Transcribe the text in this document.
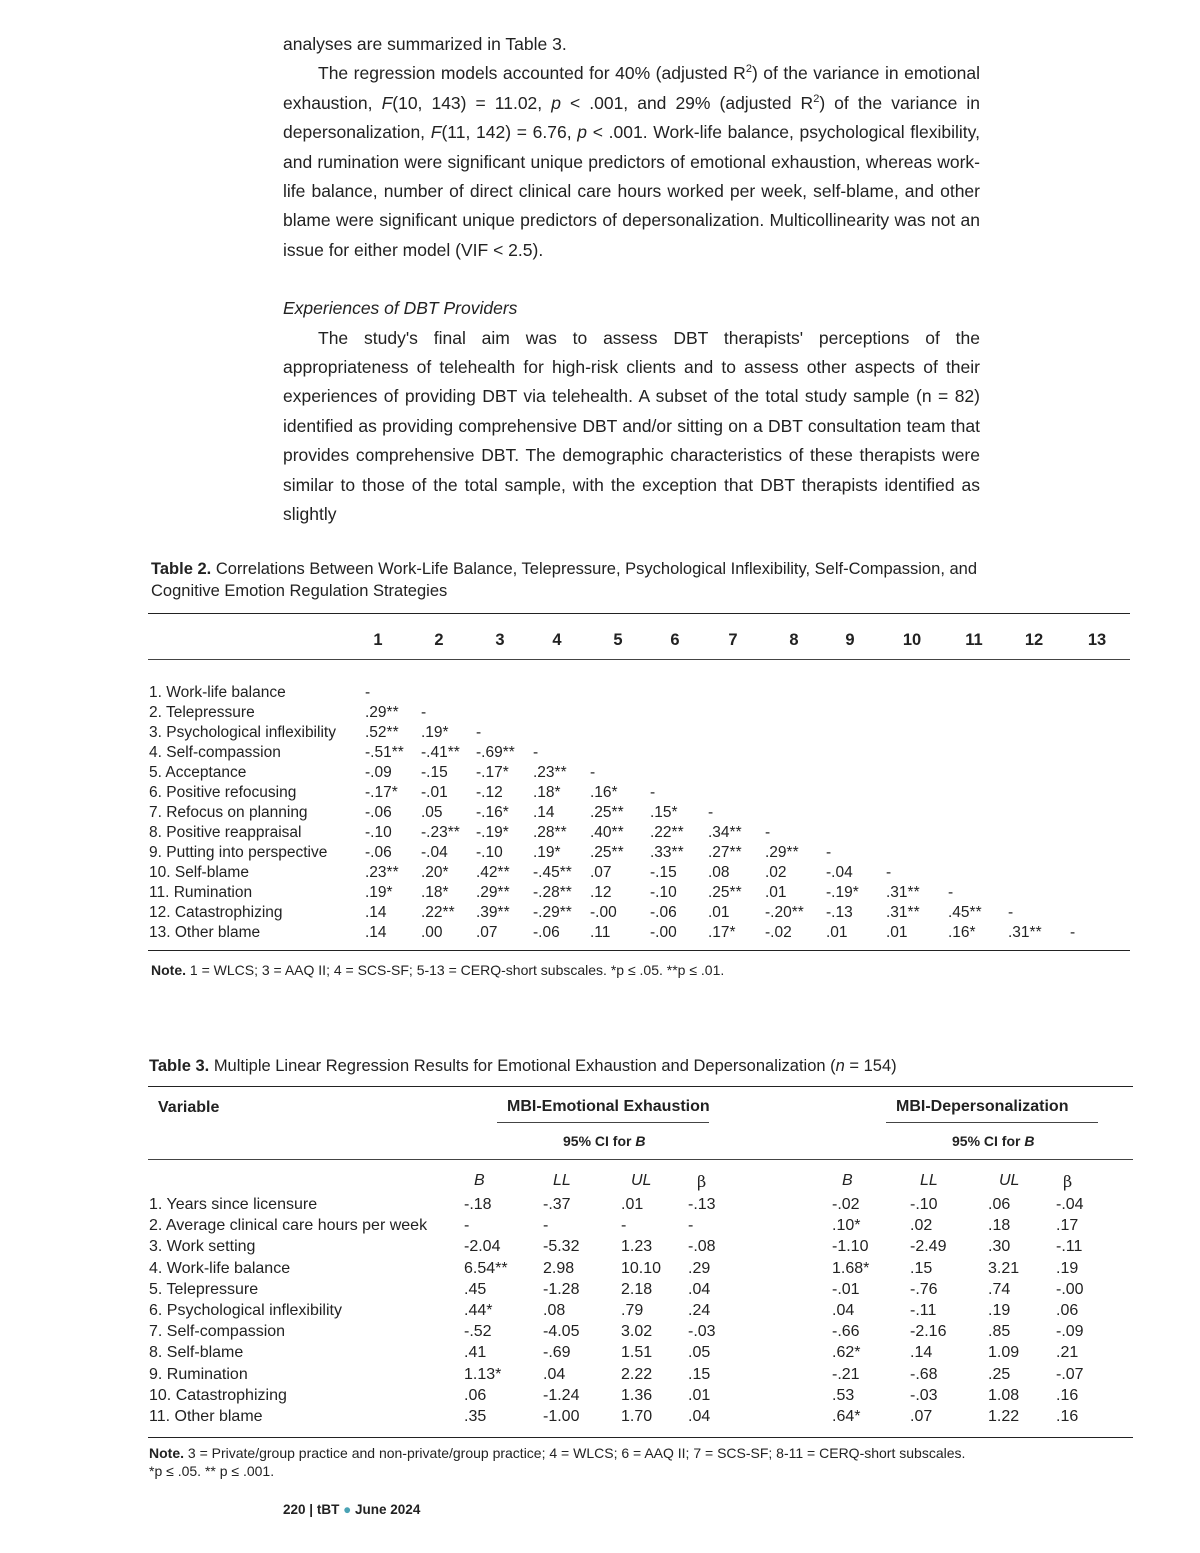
analyses are summarized in Table 3.

The regression models accounted for 40% (adjusted $R^2$) of the variance in emotional exhaustion, F(10, 143) = 11.02, p < .001, and 29% (adjusted $R^2$) of the variance in depersonalization, F(11, 142) = 6.76, p < .001. Work-life balance, psychological flexibility, and rumination were significant unique predictors of emotional exhaustion, whereas work-life balance, number of direct clinical care hours worked per week, self-blame, and other blame were significant unique predictors of depersonalization. Multicollinearity was not an issue for either model (VIF < 2.5).

Experiences of DBT Providers

The study's final aim was to assess DBT therapists' perceptions of the appropriateness of telehealth for high-risk clients and to assess other aspects of their experiences of providing DBT via telehealth. A subset of the total study sample (n = 82) identified as providing comprehensive DBT and/or sitting on a DBT consultation team that provides comprehensive DBT. The demographic characteristics of these therapists were similar to those of the total sample, with the exception that DBT therapists identified as slightly

Table 2. Correlations Between Work-Life Balance, Telepressure, Psychological Inflexibility, Self-Compassion, and Cognitive Emotion Regulation Strategies
1	2	3	4	5	6	7	8	9	10	11	12	13
1. Work-life balance	-
2. Telepressure	.29** -
3. Psychological inflexibility .52** .19* -
4. Self-compassion	-.51** -.41** -.69** -
5. Acceptance	-.09 -.15 -.17* .23** -
6. Positive refocusing	-.17* -.01 -.12 .18* .16* -
7. Refocus on planning	-.06 .05 -.16* .14 .25** .15* -
8. Positive reappraisal	-.10 -.23** -.19* .28** .40** .22** .34** -
9. Putting into perspective -.06 -.04 -.10 .19* .25** .33** .27** .29** -
10. Self-blame	.23** .20* .42** -.45** .07 -.15 .08 .02	-.04 -
11. Rumination	.19* .18* .29** -.28** .12 -.10 .25** .01	-.19* .31** -
12. Catastrophizing	.14 .22** .39** -.29** -.00 -.06 .01 -.20** -.13 .31** .45** -
13. Other blame	.14 .00 .07 -.06 .11	-.00 .17* -.02 .01 .01	.16* .31** -
Note. 1 = WLCS; 3 = AAQ II; 4 = SCS-SF; 5-13 = CERQ-short subscales. *p ≤ .05. **p ≤ .01.
Table 3. Multiple Linear Regression Results for Emotional Exhaustion and Depersonalization (n = 154)
Variable	MBI-Emotional Exhaustion	MBI-Depersonalization
95% CI for B	95% CI for B
B	LL	UL	β	B	LL	UL	β
1. Years since licensure	-.18	-.37	.01	-.13	-.02	-.10	.06	-.04
2. Average clinical care hours per week -	-	-	-	.10*	.02	.18	.17
3. Work setting	-2.04	-5.32	1.23 -.08	-1.10	-2.49	.30	-.11
4. Work-life balance	6.54** 2.98	10.10 .29	1.68*	.15	3.21 .19
5. Telepressure	.45	-1.28	2.18 .04	-.01	-.76	.74	-.00
6. Psychological inflexibility	.44*	.08	.79	.24	.04	-.11	.19	.06
7. Self-compassion	-.52	-4.05	3.02 -.03	-.66	-2.16	.85	-.09
8. Self-blame	.41	-.69	1.51 .05	.62*	.14	1.09 .21
9. Rumination	1.13*	.04	2.22 .15	-.21	-.68	.25	-.07
10. Catastrophizing	.06	-1.24	1.36 .01	.53	-.03	1.08 .16
11. Other blame	.35	-1.00	1.70 .04	.64*	.07	1.22 .16
Note. 3 = Private/group practice and non-private/group practice; 4 = WLCS; 6 = AAQ II; 7 = SCS-SF; 8-11 = CERQ-short subscales.
*p ≤ .05. ** p ≤ .001.
220 | tBT ● June 2024
